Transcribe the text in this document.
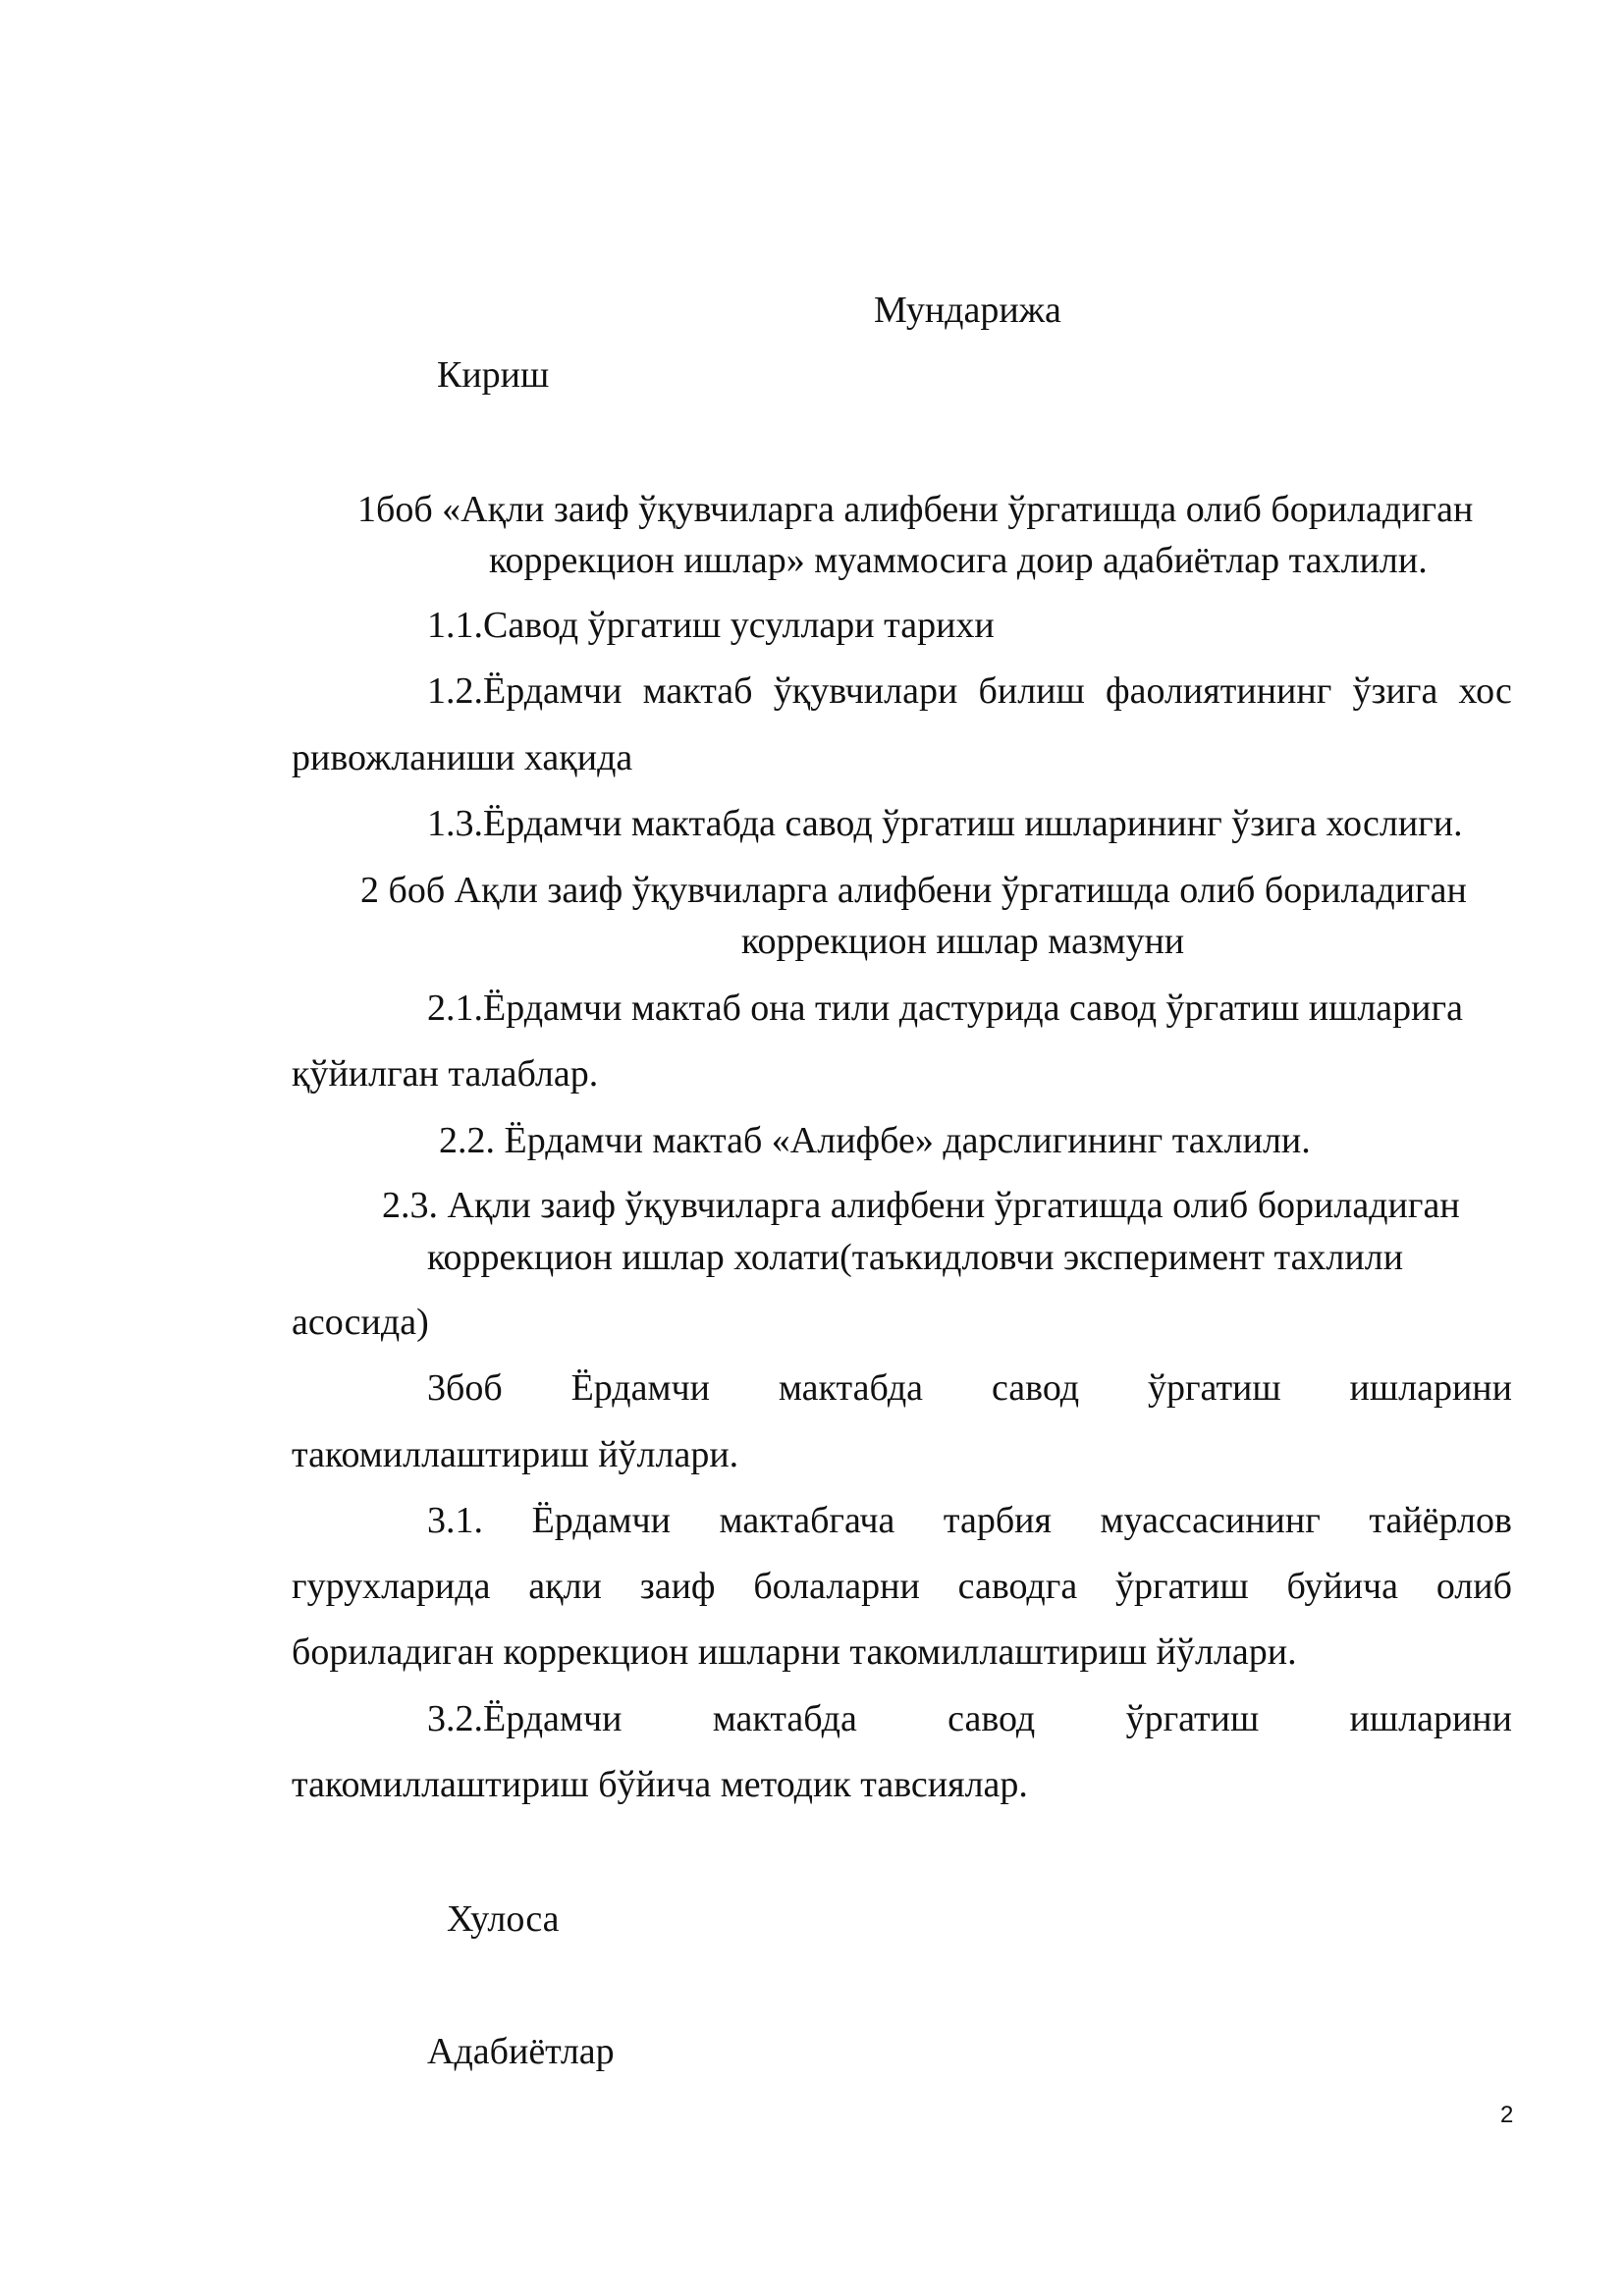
Мундарижа
Кириш
1боб «Ақли заиф ўқувчиларга алифбени ўргатишда олиб бориладиган
коррекцион ишлар» муаммосига доир адабиётлар тахлили.
1.1.Савод ўргатиш усуллари тарихи
1.2.Ёрдамчи мактаб ўқувчилари билиш фаолиятининг ўзига хос
ривожланиши хақида
1.3.Ёрдамчи мактабда савод ўргатиш ишларининг ўзига хослиги.
2 боб Ақли заиф ўқувчиларга алифбени ўргатишда олиб бориладиган
коррекцион ишлар мазмуни
2.1.Ёрдамчи мактаб она тили дастурида савод ўргатиш ишларига
қўйилган талаблар.
2.2. Ёрдамчи мактаб «Алифбе» дарслигининг тахлили.
2.3. Ақли заиф ўқувчиларга алифбени ўргатишда олиб бориладиган
коррекцион ишлар холати(таъкидловчи эксперимент тахлили
асосида)
3боб Ёрдамчи мактабда савод ўргатиш ишларини
такомиллаштириш йўллари.
3.1. Ёрдамчи мактабгача тарбия муассасининг тайёрлов
гурухларида ақли заиф болаларни саводга ўргатиш буйича олиб
бориладиган коррекцион ишларни такомиллаштириш йўллари.
3.2.Ёрдамчи мактабда савод ўргатиш ишларини
такомиллаштириш бўйича методик тавсиялар.
Хулоса
Адабиётлар
2
